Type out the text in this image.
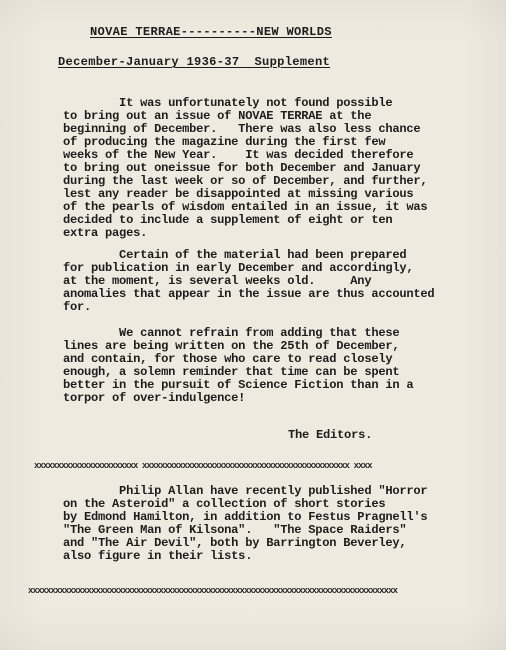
NOVAE TERRAE----------NEW WORLDS
December-January 1936-37  Supplement
It was unfortunately not found possible
to bring out an issue of NOVAE TERRAE at the
beginning of December.   There was also less chance
of producing the magazine during the first few
weeks of the New Year.    It was decided therefore
to bring out oneissue for both December and January
during the last week or so of December, and further,
lest any reader be disappointed at missing various
of the pearls of wisdom entailed in an issue, it was
decided to include a supplement of eight or ten
extra pages.
Certain of the material had been prepared
for publication in early December and accordingly,
at the moment, is several weeks old.     Any
anomalies that appear in the issue are thus accounted
for.
We cannot refrain from adding that these
lines are being written on the 25th of December,
and contain, for those who care to read closely
enough, a solemn reminder that time can be spent
better in the pursuit of Science Fiction than in a
torpor of over-indulgence!
The Editors.
xxxxxxxxxxxxxxxxxxxxxxx xxxxxxxxxxxxxxxxxxxxxxxxxxxxxxxxxxxxxxxxxxxxxx xxxx
Philip Allan have recently published "Horror
on the Asteroid" a collection of short stories
by Edmond Hamilton, in addition to Festus Pragnell's
"The Green Man of Kilsona".   "The Space Raiders"
and "The Air Devil", both by Barrington Beverley,
also figure in their lists.
xxxxxxxxxxxxxxxxxxxxxxxxxxxxxxxxxxxxxxxxxxxxxxxxxxxxxxxxxxxxxxxxxxxxxxxxxxxxxxxxxx
